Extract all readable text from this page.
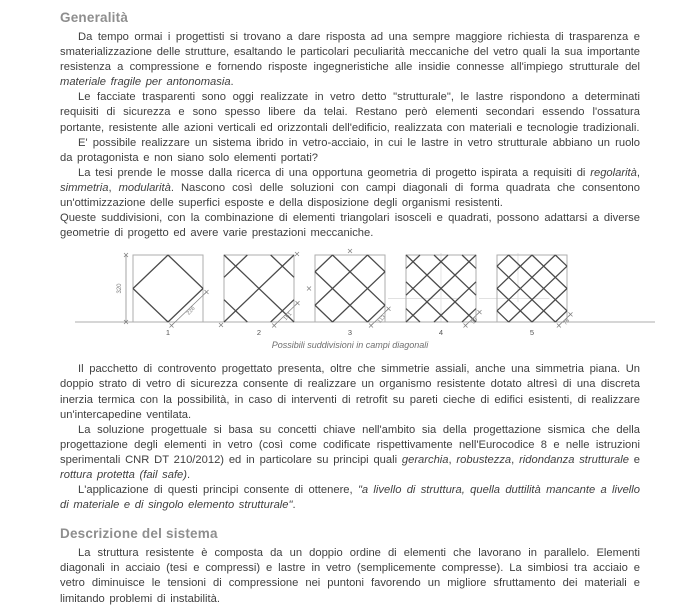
Generalità

Da tempo ormai i progettisti si trovano a dare risposta ad una sempre maggiore richiesta di trasparenza e smaterializzazione delle strutture, esaltando le particolari peculiarità meccaniche del vetro quali la sua importante resistenza a compressione e fornendo risposte ingegneristiche alle insidie connesse all'impiego strutturale del materiale fragile per antonomasia.

Le facciate trasparenti sono oggi realizzate in vetro detto "strutturale", le lastre rispondono a determinati requisiti di sicurezza e sono spesso libere da telai. Restano però elementi secondari essendo l'ossatura portante, resistente alle azioni verticali ed orizzontali dell'edificio, realizzata con materiali e tecnologie tradizionali.

E' possibile realizzare un sistema ibrido in vetro-acciaio, in cui le lastre in vetro strutturale abbiano un ruolo da protagonista e non siano solo elementi portati?

La tesi prende le mosse dalla ricerca di una opportuna geometria di progetto ispirata a requisiti di regolarità, simmetria, modularità. Nascono così delle soluzioni con campi diagonali di forma quadrata che consentono un'ottimizzazione delle superfici esposte e della disposizione degli organismi resistenti.

Queste suddivisioni, con la combinazione di elementi triangolari isosceli e quadrati, possono adattarsi a diverse geometrie di progetto ed avere varie prestazioni meccaniche.

226
1
151
2
113
3
90
4
75
5
320
Possibili suddivisioni in campi diagonali

Il pacchetto di controvento progettato presenta, oltre che simmetrie assiali, anche una simmetria piana. Un doppio strato di vetro di sicurezza consente di realizzare un organismo resistente dotato altresì di una discreta inerzia termica con la possibilità, in caso di interventi di retrofit su pareti cieche di edifici esistenti, di realizzare un'intercapedine ventilata.

La soluzione progettuale si basa su concetti chiave nell'ambito sia della progettazione sismica che della progettazione degli elementi in vetro (così come codificate rispettivamente nell'Eurocodice 8 e nelle istruzioni sperimentali CNR DT 210/2012) ed in particolare su principi quali gerarchia, robustezza, ridondanza strutturale e rottura protetta (fail safe).

L'applicazione di questi principi consente di ottenere, "a livello di struttura, quella duttilità mancante a livello di materiale e di singolo elemento strutturale".

Descrizione del sistema

La struttura resistente è composta da un doppio ordine di elementi che lavorano in parallelo. Elementi diagonali in acciaio (tesi e compressi) e lastre in vetro (semplicemente compresse). La simbiosi tra acciaio e vetro diminuisce le tensioni di compressione nei puntoni favorendo un migliore sfruttamento dei materiali e limitando problemi di instabilità.
